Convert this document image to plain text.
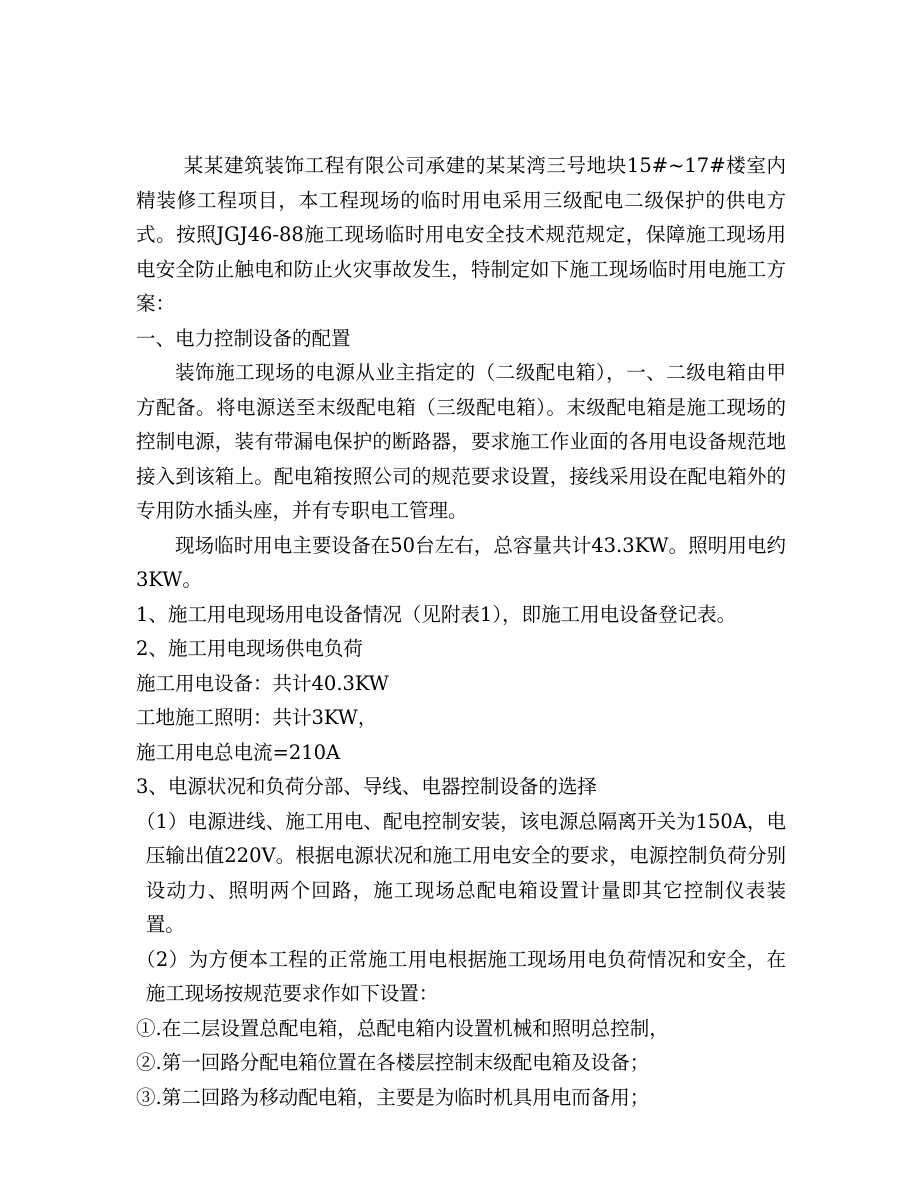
某某建筑装饰工程有限公司承建的某某湾三号地块15#~17#楼室内精装修工程项目，本工程现场的临时用电采用三级配电二级保护的供电方式。按照JGJ46-88施工现场临时用电安全技术规范规定，保障施工现场用电安全防止触电和防止火灾事故发生，特制定如下施工现场临时用电施工方案：

一、电力控制设备的配置

装饰施工现场的电源从业主指定的（二级配电箱），一、二级电箱由甲方配备。将电源送至末级配电箱（三级配电箱）。末级配电箱是施工现场的控制电源，装有带漏电保护的断路器，要求施工作业面的各用电设备规范地接入到该箱上。配电箱按照公司的规范要求设置，接线采用设在配电箱外的专用防水插头座，并有专职电工管理。

现场临时用电主要设备在50台左右，总容量共计43.3KW。照明用电约3KW。

1、施工用电现场用电设备情况（见附表1），即施工用电设备登记表。

2、施工用电现场供电负荷

施工用电设备：共计40.3KW

工地施工照明：共计3KW，

施工用电总电流=210A

3、电源状况和负荷分部、导线、电器控制设备的选择

（1）电源进线、施工用电、配电控制安装，该电源总隔离开关为150A，电压输出值220V。根据电源状况和施工用电安全的要求，电源控制负荷分别设动力、照明两个回路，施工现场总配电箱设置计量即其它控制仪表装置。

（2）为方便本工程的正常施工用电根据施工现场用电负荷情况和安全，在施工现场按规范要求作如下设置：

①.在二层设置总配电箱，总配电箱内设置机械和照明总控制，

②.第一回路分配电箱位置在各楼层控制末级配电箱及设备；

③.第二回路为移动配电箱，主要是为临时机具用电而备用；
